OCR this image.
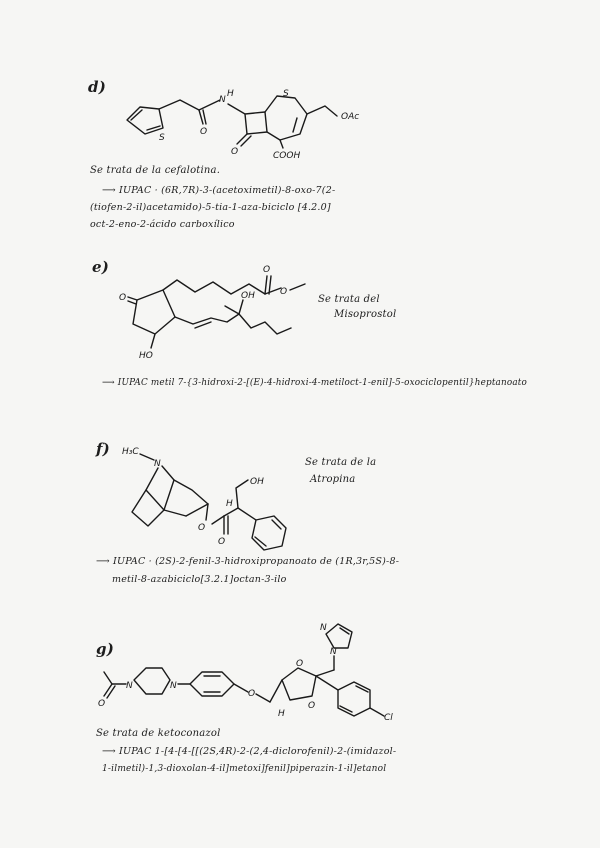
d)
S
O
N
H
O
S
COOH
OAc
Se trata de la cefalotina.
⟶ IUPAC · (6R,7R)-3-(acetoximetil)-8-oxo-7(2-
(tiofen-2-il)acetamido)-5-tia-1-aza-biciclo [4.2.0]
oct-2-eno-2-ácido carboxílico
e)
O
O
O
OH
HO
Se trata del
Misoprostol
⟶ IUPAC metil 7-{3-hidroxi-2-[(E)-4-hidroxi-4-metiloct-1-enil]-5-oxociclopentil}heptanoato
f) H₃C
N
O
O
H
OH
Se trata de la
Atropina
⟶ IUPAC · (2S)-2-fenil-3-hidroxipropanoato de (1R,3r,5S)-8-
metil-8-azabiciclo[3.2.1]octan-3-ilo
g)
O
N	N
O
O
O
H
N
N
Cl
Se trata de ketoconazol
⟶ IUPAC 1-[4-[4-[[(2S,4R)-2-(2,4-diclorofenil)-2-(imidazol-
1-ilmetil)-1,3-dioxolan-4-il]metoxi]fenil]piperazin-1-il]etanol
